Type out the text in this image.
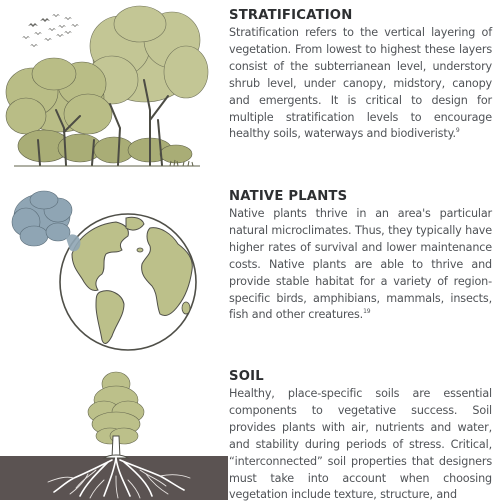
STRATIFICATION

Stratification refers to the vertical layering of vegetation. From lowest to highest these layers consist of the subterrianean level, understory shrub level, under canopy, midstory, canopy and emergents. It is critical to design for multiple stratification levels to encourage healthy soils, waterways and biodiveristy.$^9$

NATIVE PLANTS

Native plants thrive in an area's particular natural microclimates. Thus, they typically have higher rates of survival and lower maintenance costs. Native plants are able to thrive and provide stable habitat for a variety of region-specific birds, amphibians, mammals, insects, fish and other creatures.$^{19}$

SOIL

Healthy, place-specific soils are essential components to vegetative success. Soil provides plants with air, nutrients and water, and stability during periods of stress. Critical, “interconnected” soil properties that designers must take into account when choosing vegetation include texture, structure, and
